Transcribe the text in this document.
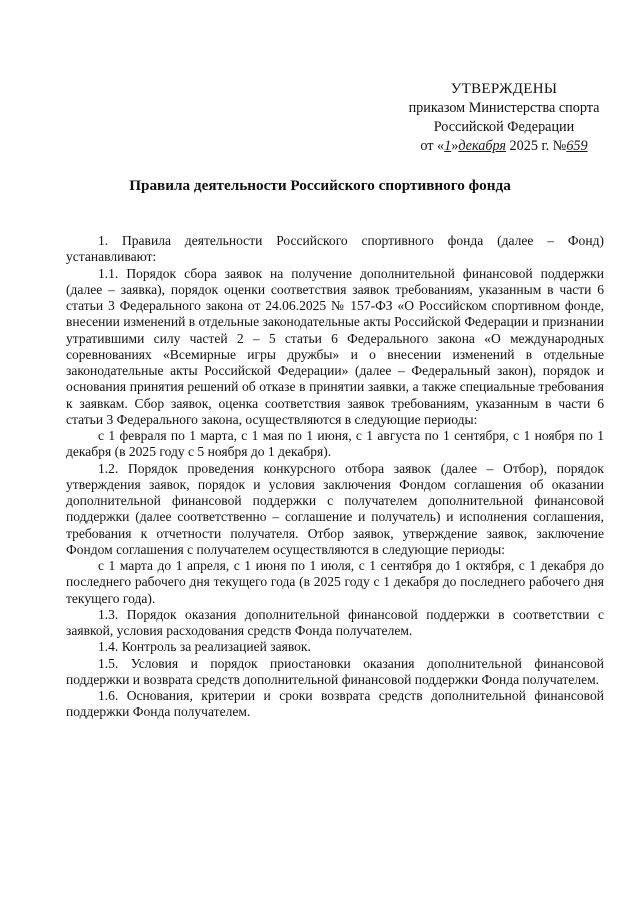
УТВЕРЖДЕНЫ
приказом Министерства спорта
Российской Федерации
от «1»декабря 2025 г. №659
Правила деятельности Российского спортивного фонда

1. Правила деятельности Российского спортивного фонда (далее – Фонд) устанавливают:

1.1. Порядок сбора заявок на получение дополнительной финансовой поддержки (далее – заявка), порядок оценки соответствия заявок требованиям, указанным в части 6 статьи 3 Федерального закона от 24.06.2025 № 157-ФЗ «О Российском спортивном фонде, внесении изменений в отдельные законодательные акты Российской Федерации и признании утратившими силу частей 2 – 5 статьи 6 Федерального закона «О международных соревнованиях «Всемирные игры дружбы» и о внесении изменений в отдельные законодательные акты Российской Федерации» (далее – Федеральный закон), порядок и основания принятия решений об отказе в принятии заявки, а также специальные требования к заявкам. Сбор заявок, оценка соответствия заявок требованиям, указанным в части 6 статьи 3 Федерального закона, осуществляются в следующие периоды:

с 1 февраля по 1 марта, с 1 мая по 1 июня, с 1 августа по 1 сентября, с 1 ноября по 1 декабря (в 2025 году с 5 ноября до 1 декабря).

1.2. Порядок проведения конкурсного отбора заявок (далее – Отбор), порядок утверждения заявок, порядок и условия заключения Фондом соглашения об оказании дополнительной финансовой поддержки с получателем дополнительной финансовой поддержки (далее соответственно – соглашение и получатель) и исполнения соглашения, требования к отчетности получателя. Отбор заявок, утверждение заявок, заключение Фондом соглашения с получателем осуществляются в следующие периоды:

с 1 марта до 1 апреля, с 1 июня по 1 июля, с 1 сентября до 1 октября, с 1 декабря до последнего рабочего дня текущего года (в 2025 году с 1 декабря до последнего рабочего дня текущего года).

1.3. Порядок оказания дополнительной финансовой поддержки в соответствии с заявкой, условия расходования средств Фонда получателем.

1.4. Контроль за реализацией заявок.

1.5. Условия и порядок приостановки оказания дополнительной финансовой поддержки и возврата средств дополнительной финансовой поддержки Фонда получателем.

1.6. Основания, критерии и сроки возврата средств дополнительной финансовой поддержки Фонда получателем.
